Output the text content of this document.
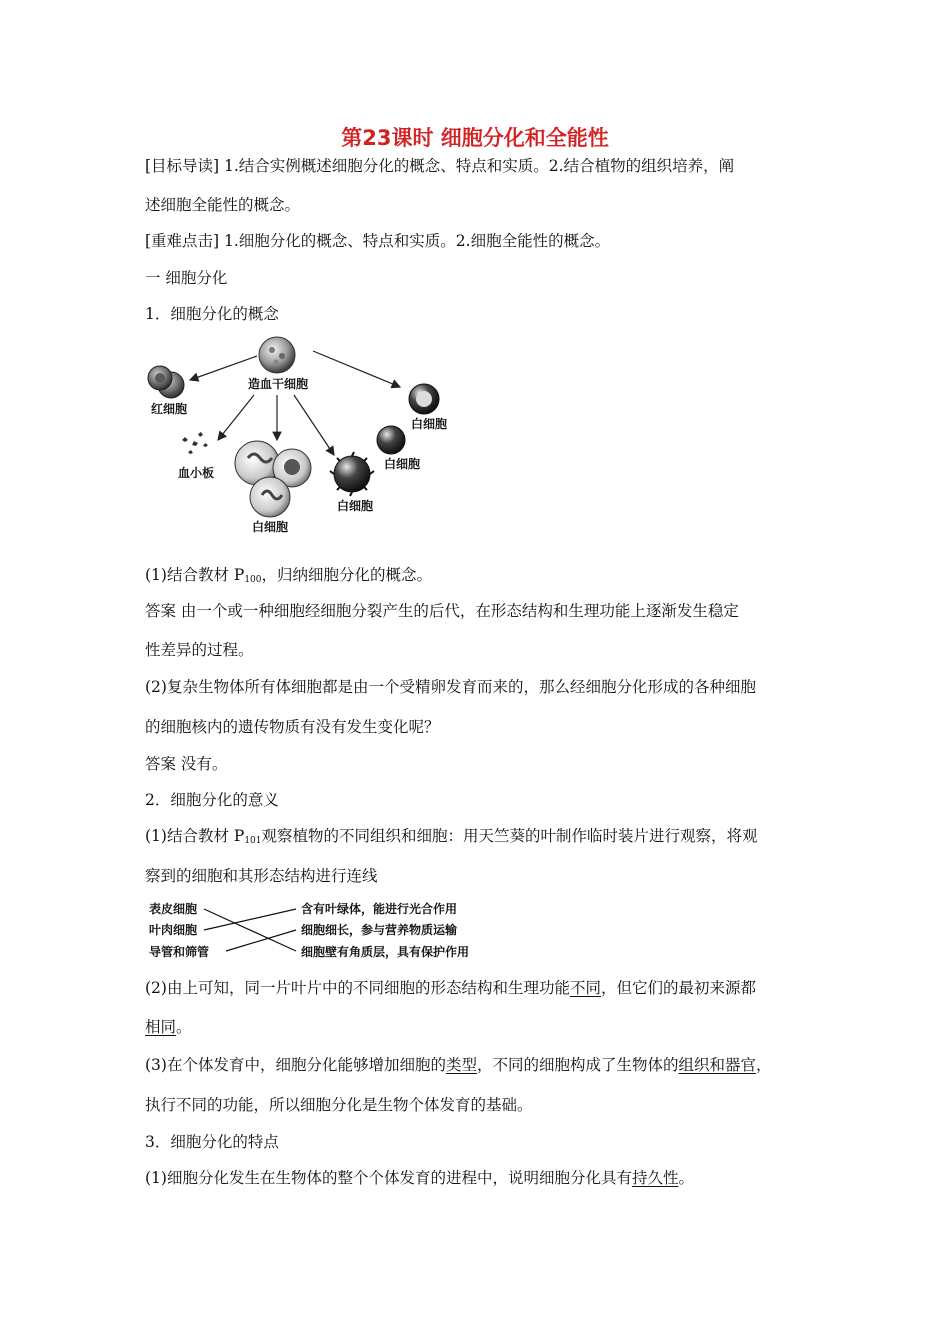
第23课时 细胞分化和全能性
[目标导读] 1.结合实例概述细胞分化的概念、特点和实质。2.结合植物的组织培养，阐
述细胞全能性的概念。
[重难点击] 1.细胞分化的概念、特点和实质。2.细胞全能性的概念。
一 细胞分化
1．细胞分化的概念
造血干细胞
红细胞
血小板
白细胞
白细胞
白细胞
白细胞
(1)结合教材 $P_{100}$，归纳细胞分化的概念。
答案 由一个或一种细胞经细胞分裂产生的后代，在形态结构和生理功能上逐渐发生稳定
性差异的过程。
(2)复杂生物体所有体细胞都是由一个受精卵发育而来的，那么经细胞分化形成的各种细胞
的细胞核内的遗传物质有没有发生变化呢？
答案 没有。
2．细胞分化的意义
(1)结合教材 $P_{101}$观察植物的不同组织和细胞：用天竺葵的叶制作临时装片进行观察，将观
察到的细胞和其形态结构进行连线
表皮细胞
叶肉细胞
导管和筛管
含有叶绿体，能进行光合作用
细胞细长，参与营养物质运输
细胞壁有角质层，具有保护作用
(2)由上可知，同一片叶片中的不同细胞的形态结构和生理功能不同，但它们的最初来源都
相同。
(3)在个体发育中，细胞分化能够增加细胞的类型，不同的细胞构成了生物体的组织和器官，
执行不同的功能，所以细胞分化是生物个体发育的基础。
3．细胞分化的特点
(1)细胞分化发生在生物体的整个个体发育的进程中，说明细胞分化具有持久性。
